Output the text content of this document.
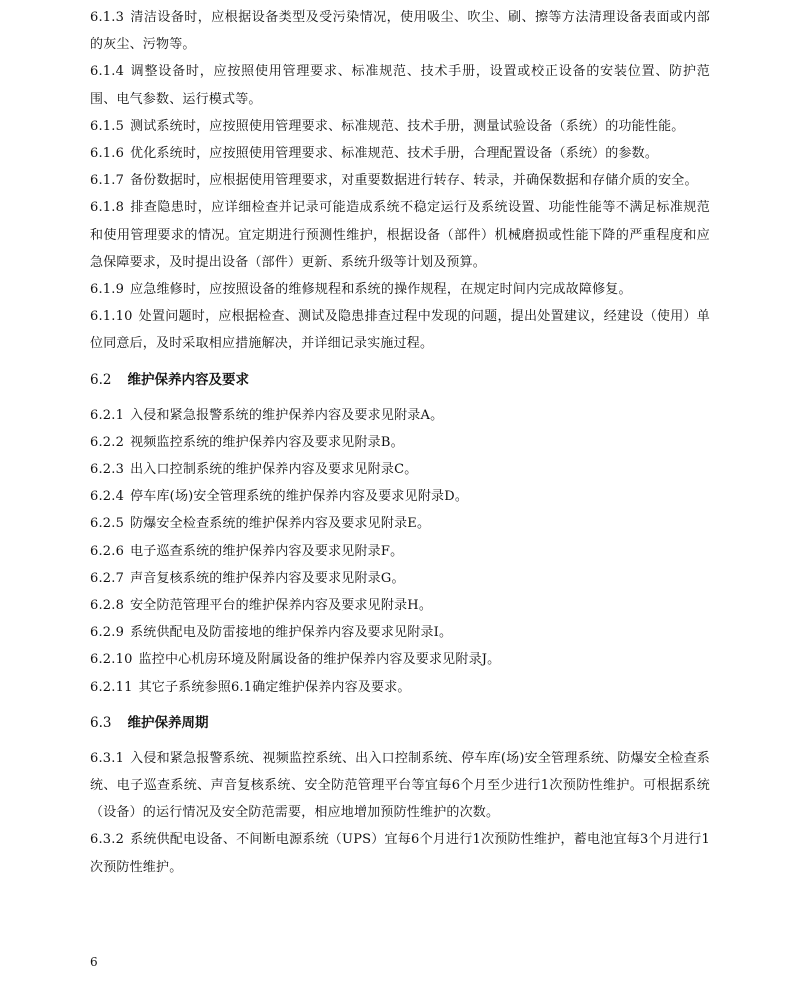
6.1.3 清洁设备时，应根据设备类型及受污染情况，使用吸尘、吹尘、刷、擦等方法清理设备表面或内部的灰尘、污物等。

6.1.4 调整设备时，应按照使用管理要求、标准规范、技术手册，设置或校正设备的安装位置、防护范围、电气参数、运行模式等。

6.1.5 测试系统时，应按照使用管理要求、标准规范、技术手册，测量试验设备（系统）的功能性能。

6.1.6 优化系统时，应按照使用管理要求、标准规范、技术手册，合理配置设备（系统）的参数。

6.1.7 备份数据时，应根据使用管理要求，对重要数据进行转存、转录，并确保数据和存储介质的安全。

6.1.8 排查隐患时，应详细检查并记录可能造成系统不稳定运行及系统设置、功能性能等不满足标准规范和使用管理要求的情况。宜定期进行预测性维护，根据设备（部件）机械磨损或性能下降的严重程度和应急保障要求，及时提出设备（部件）更新、系统升级等计划及预算。

6.1.9 应急维修时，应按照设备的维修规程和系统的操作规程，在规定时间内完成故障修复。

6.1.10 处置问题时，应根据检查、测试及隐患排查过程中发现的问题，提出处置建议，经建设（使用）单位同意后，及时采取相应措施解决，并详细记录实施过程。

6.2 维护保养内容及要求

6.2.1 入侵和紧急报警系统的维护保养内容及要求见附录A。

6.2.2 视频监控系统的维护保养内容及要求见附录B。

6.2.3 出入口控制系统的维护保养内容及要求见附录C。

6.2.4 停车库(场)安全管理系统的维护保养内容及要求见附录D。

6.2.5 防爆安全检查系统的维护保养内容及要求见附录E。

6.2.6 电子巡查系统的维护保养内容及要求见附录F。

6.2.7 声音复核系统的维护保养内容及要求见附录G。

6.2.8 安全防范管理平台的维护保养内容及要求见附录H。

6.2.9 系统供配电及防雷接地的维护保养内容及要求见附录I。

6.2.10 监控中心机房环境及附属设备的维护保养内容及要求见附录J。

6.2.11 其它子系统参照6.1确定维护保养内容及要求。

6.3 维护保养周期

6.3.1 入侵和紧急报警系统、视频监控系统、出入口控制系统、停车库(场)安全管理系统、防爆安全检查系统、电子巡查系统、声音复核系统、安全防范管理平台等宜每6个月至少进行1次预防性维护。可根据系统（设备）的运行情况及安全防范需要，相应地增加预防性维护的次数。

6.3.2 系统供配电设备、不间断电源系统（UPS）宜每6个月进行1次预防性维护，蓄电池宜每3个月进行1次预防性维护。

6
